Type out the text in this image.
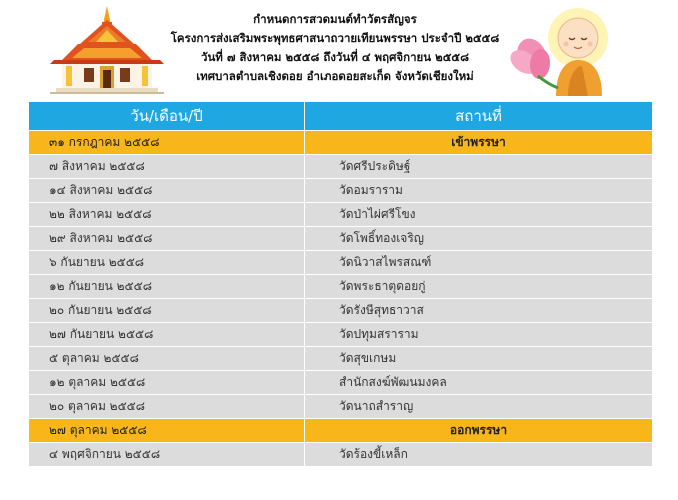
กำหนดการสวดมนต์ทำวัตรสัญจร
โครงการส่งเสริมพระพุทธศาสนาถวายเทียนพรรษา ประจำปี ๒๕๕๘
วันที่ ๗ สิงหาคม ๒๕๕๘ ถึงวันที่ ๔ พฤศจิกายน ๒๕๕๘
เทศบาลตำบลเชิงดอย อำเภอดอยสะเก็ด จังหวัดเชียงใหม่
วัน/เดือน/ปี	สถานที่
๓๑ กรกฎาคม ๒๕๕๘	เข้าพรรษา
๗ สิงหาคม ๒๕๕๘	วัดศรีประดิษฐ์
๑๔ สิงหาคม ๒๕๕๘	วัดอมราราม
๒๒ สิงหาคม ๒๕๕๘	วัดป่าไผ่ศรีโขง
๒๙ สิงหาคม ๒๕๕๘	วัดโพธิ์ทองเจริญ
๖ กันยายน ๒๕๕๘	วัดนิวาสไพรสณฑ์
๑๒ กันยายน ๒๕๕๘	วัดพระธาตุดอยกู่
๒๐ กันยายน ๒๕๕๘	วัดรังษีสุทธาวาส
๒๗ กันยายน ๒๕๕๘	วัดปทุมสราราม
๕ ตุลาคม ๒๕๕๘	วัดสุขเกษม
๑๒ ตุลาคม ๒๕๕๘	สำนักสงฆ์พัฒนมงคล
๒๐ ตุลาคม ๒๕๕๘	วัดนาถสำราญ
๒๗ ตุลาคม ๒๕๕๘	ออกพรรษา
๔ พฤศจิกายน ๒๕๕๘	วัดร้องขี้เหล็ก
